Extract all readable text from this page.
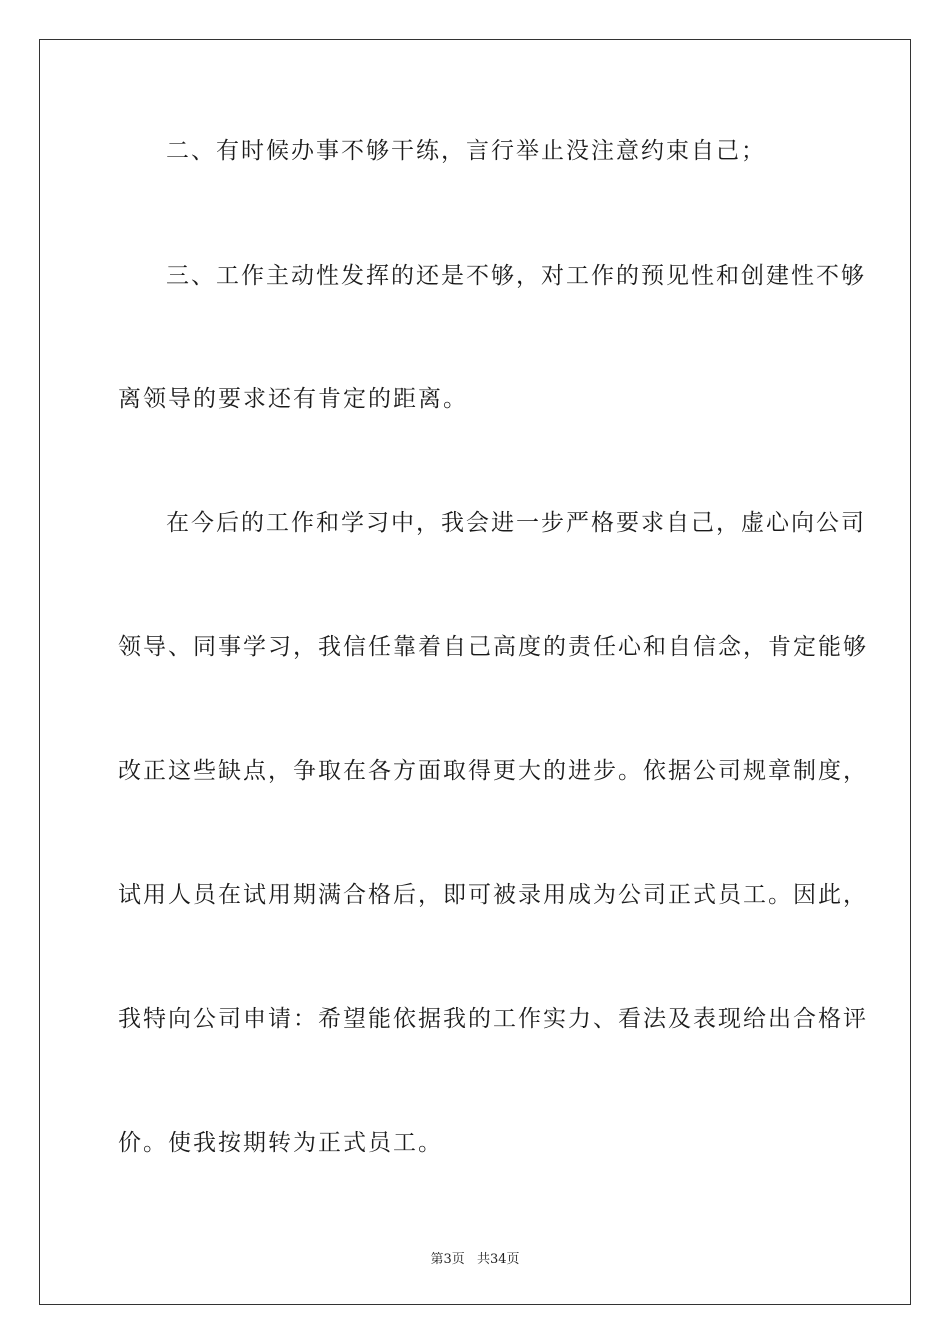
二、有时候办事不够干练，言行举止没注意约束自己；
三、工作主动性发挥的还是不够，对工作的预见性和创建性不够
离领导的要求还有肯定的距离。
在今后的工作和学习中，我会进一步严格要求自己，虚心向公司
领导、同事学习，我信任靠着自己高度的责任心和自信念，肯定能够
改正这些缺点，争取在各方面取得更大的进步。依据公司规章制度，
试用人员在试用期满合格后，即可被录用成为公司正式员工。因此，
我特向公司申请：希望能依据我的工作实力、看法及表现给出合格评
价。使我按期转为正式员工。
第3页 共34页
